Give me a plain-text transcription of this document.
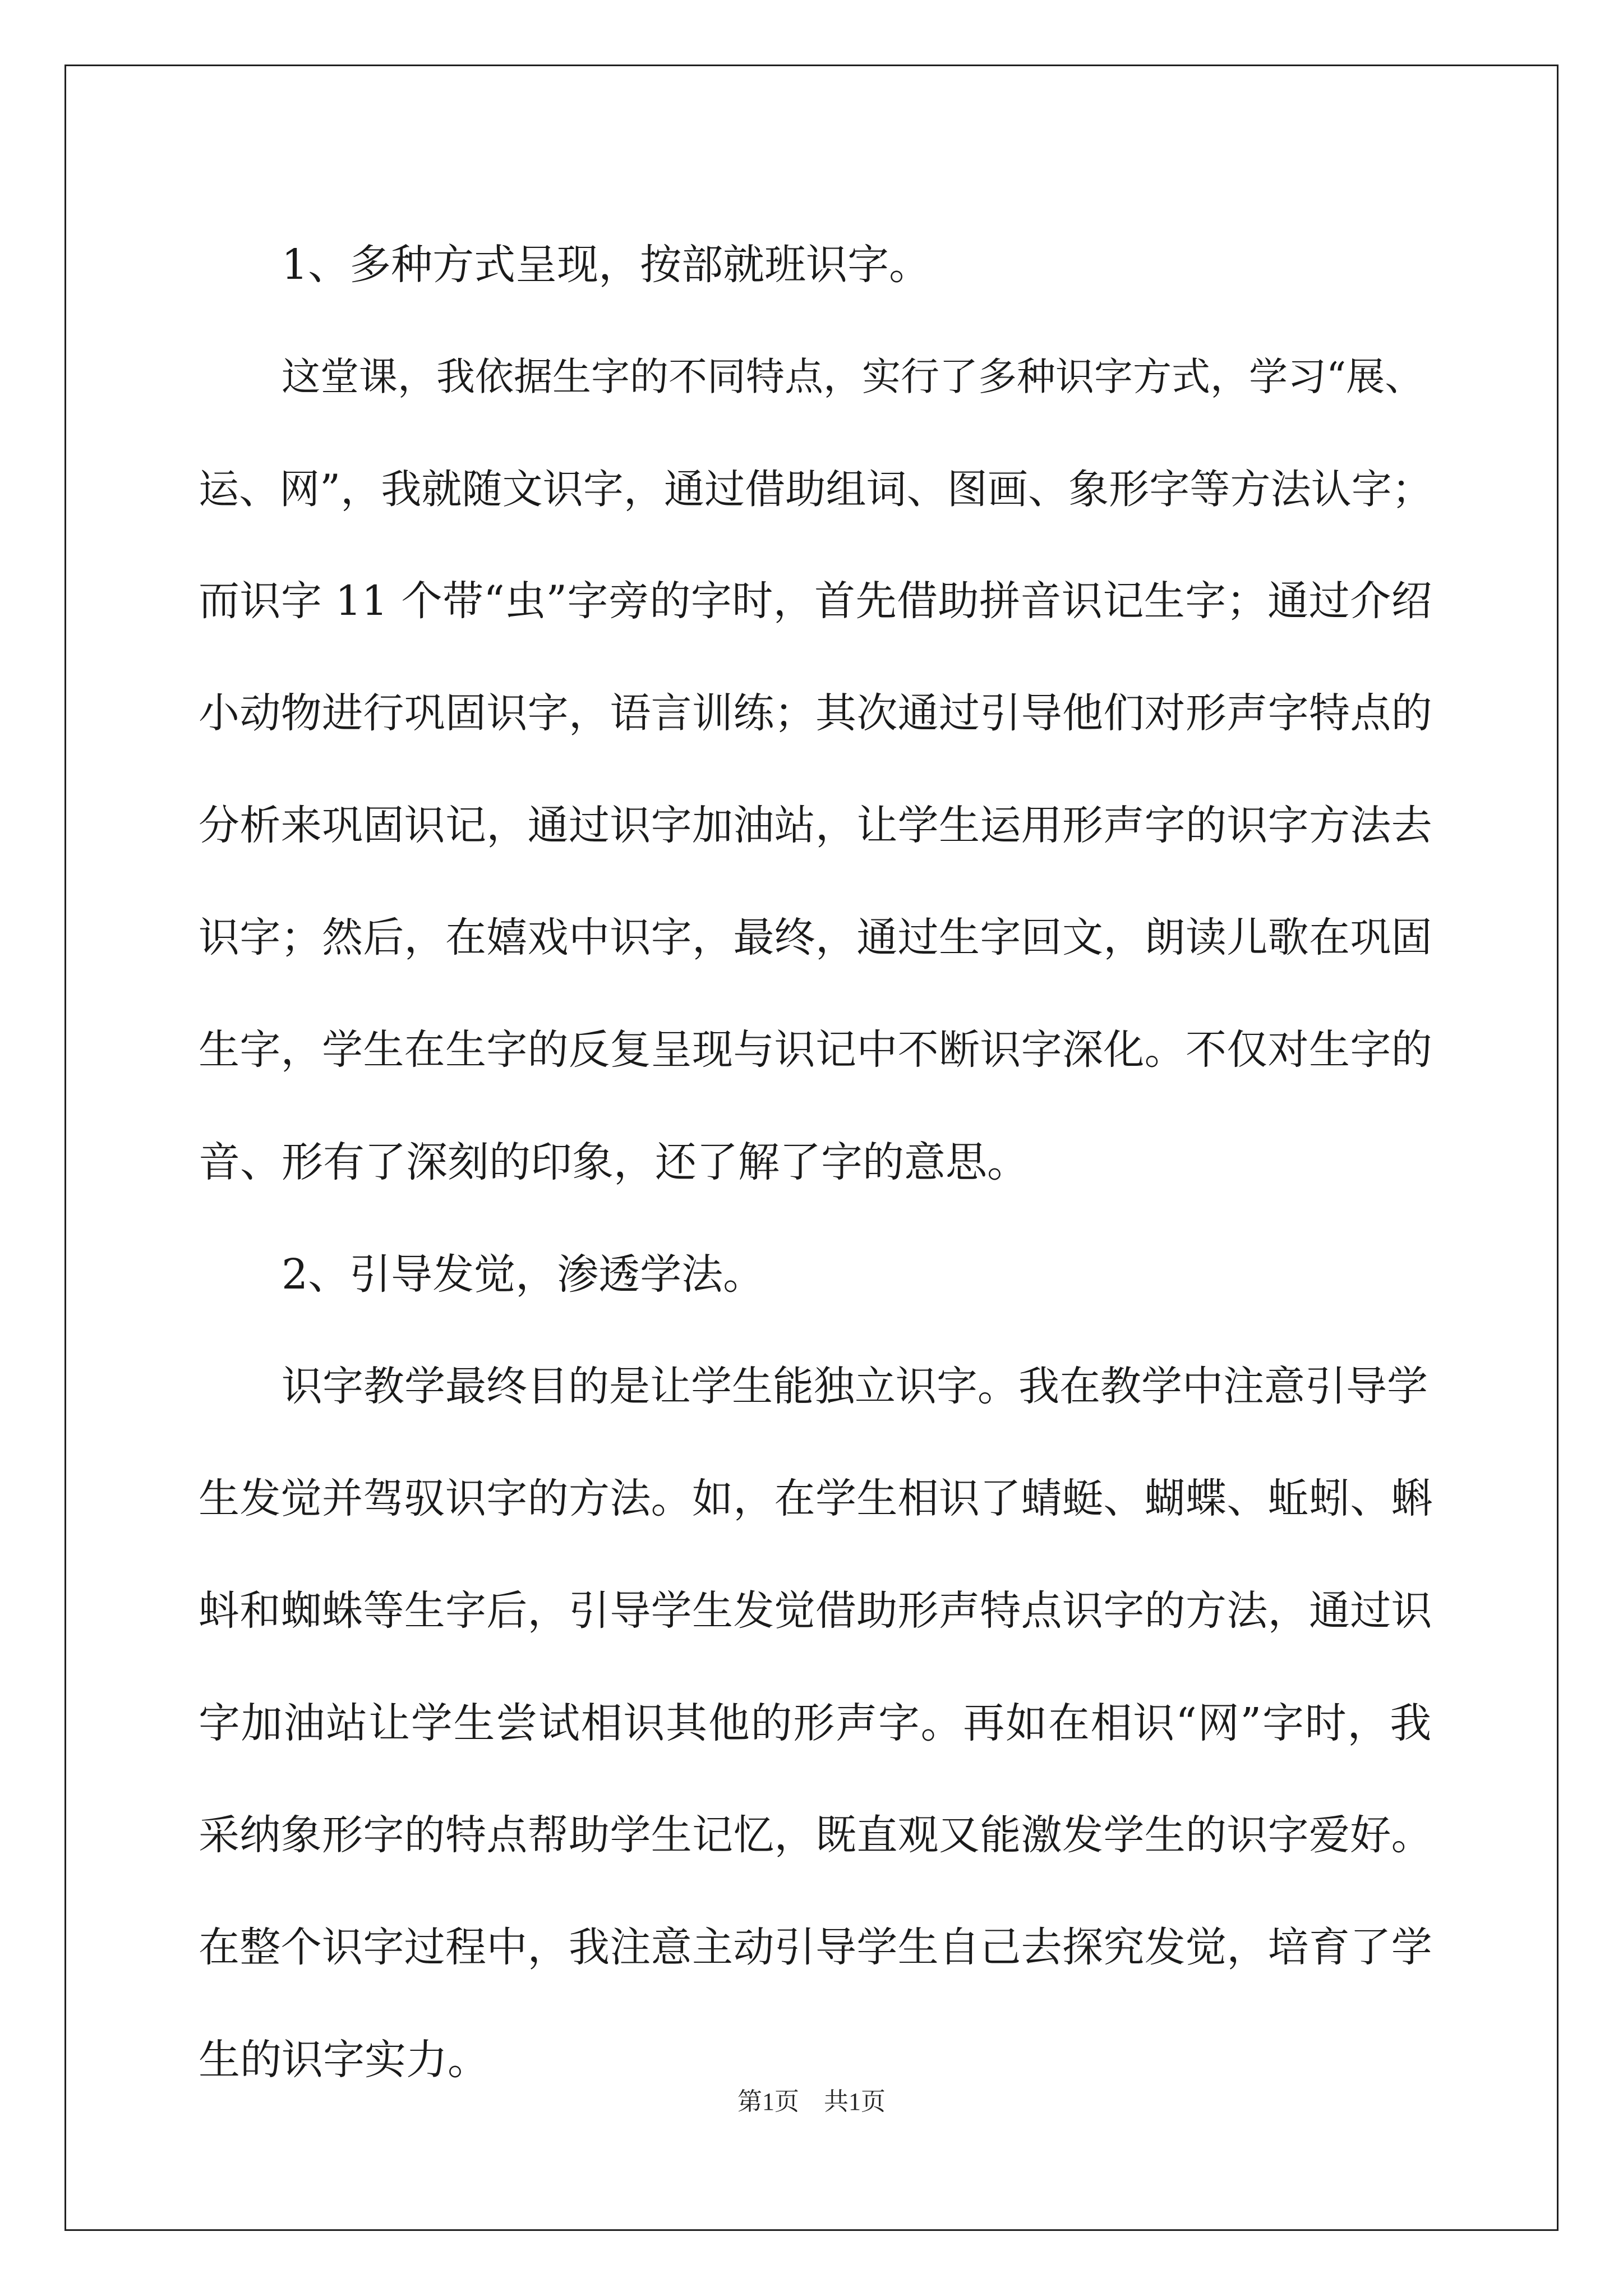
1、多种方式呈现，按部就班识字。
这堂课，我依据生字的不同特点，实行了多种识字方式，学习“展、
运、网”，我就随文识字，通过借助组词、图画、象形字等方法认字；
而识字 11 个带“虫”字旁的字时，首先借助拼音识记生字；通过介绍
小动物进行巩固识字，语言训练；其次通过引导他们对形声字特点的
分析来巩固识记，通过识字加油站，让学生运用形声字的识字方法去
识字；然后，在嬉戏中识字，最终，通过生字回文，朗读儿歌在巩固
生字，学生在生字的反复呈现与识记中不断识字深化。不仅对生字的
音、形有了深刻的印象，还了解了字的意思。
2、引导发觉，渗透学法。
识字教学最终目的是让学生能独立识字。我在教学中注意引导学
生发觉并驾驭识字的方法。如，在学生相识了蜻蜓、蝴蝶、蚯蚓、蝌
蚪和蜘蛛等生字后，引导学生发觉借助形声特点识字的方法，通过识
字加油站让学生尝试相识其他的形声字。再如在相识“网”字时，我
采纳象形字的特点帮助学生记忆，既直观又能激发学生的识字爱好。
在整个识字过程中，我注意主动引导学生自己去探究发觉，培育了学
生的识字实力。
第1页　共1页
